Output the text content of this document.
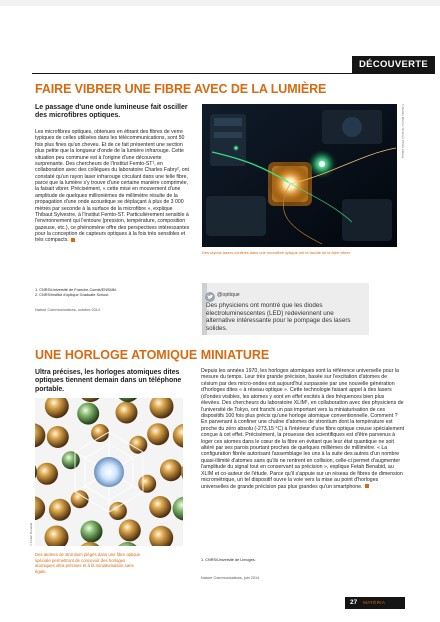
DÉCOUVERTE
FAIRE VIBRER UNE FIBRE AVEC DE LA LUMIÈRE

Le passage d'une onde lumineuse fait osciller des microfibres optiques.

Les microfibres optiques, obtenues en étirant des fibres de verre typiques de celles utilisées dans les télécommunications, sont 50 fois plus fines qu'un cheveu. Et de ce fait présentent une section plus petite que la longueur d'onde de la lumière infrarouge. Cette situation peu commune est à l'origine d'une découverte surprenante. Des chercheurs de l'Institut Femto-ST¹, en collaboration avec des collègues du laboratoire Charles Fabry², ont constaté qu'un rayon laser infrarouge circulant dans une telle fibre, parce que la lumière s'y trouve d'une certaine manière comprimée, la faisait vibrer. Précisément, « cette mise en mouvement d'une amplitude de quelques millionièmes de millimètre résulte de la propagation d'une onde acoustique se déplaçant à plus de 3 000 mètres par seconde à la surface de la microfibre », explique Thibaut Sylvestre, à l'Institut Femto-ST. Particulièrement sensible à l'environnement qui l'entoure (pression, température, composition gazeuse, etc.), ce phénomène offre des perspectives intéressantes pour la conception de capteurs optiques à la fois très sensibles et très compacts.

© Dustin Moore / Science Photo Library

Des rayons lasers confinés dans une microfibre optique ont la faculté de la faire vibrer.

1. CNRS/Université de Franche-Comté/ENSMM.
2. CNRS/Institut d'optique Graduate School.

Nature Communications, octobre 2014

@optique

Des physiciens ont montré que les diodes électroluminescentes (LED) redeviennent une alternative intéressante pour le pompage des lasers solides.

UNE HORLOGE ATOMIQUE MINIATURE

Ultra précises, les horloges atomiques dites optiques tiennent demain dans un téléphone portable.

© Fetah Benabid

Des atomes de strontium piégés dans une fibre optique spéciale permettront de concevoir des horloges atomiques ultra précises et à la miniaturisation sans égale.

Depuis les années 1970, les horloges atomiques sont la référence universelle pour la mesure du temps. Leur très grande précision, basée sur l'excitation d'atomes de césium par des micro-ondes est aujourd'hui surpassée par une nouvelle génération d'horloges dites « à réseau optique ». Cette technologie faisant appel à des lasers (d'ondes visibles, les atomes y sont en effet excités à des fréquences bien plus élevées. Des chercheurs du laboratoire XLIM¹, en collaboration avec des physiciens de l'université de Tokyo, ont franchi un pas important vers la miniaturisation de ces dispositifs 100 fois plus précis qu'une horloge atomique conventionnelle. Comment ? En parvenant à confiner une chaîne d'atomes de strontium dont la température est proche du zéro absolu (-273,15 °C) à l'intérieur d'une fibre optique creuse spécialement conçue à cet effet. Précisément, la prouesse des scientifiques est d'être parvenus à loger ces atomes dans le cœur de la fibre en évitant que leur état quantique ne soit altéré par ses parois pourtant proches de quelques millièmes de millimètre. « La configuration fibrée autorisant l'assemblage les uns à la suite des autres d'un nombre quasi-illimité d'atomes sans qu'ils ne rentrent en collision, celle-ci permet d'augmenter l'amplitude du signal tout en conservant sa précision », explique Fetah Benabid, au XLIM et co-auteur de l'étude. Parce qu'il s'appuie sur un réseau de fibres de dimension micrométrique, un tel dispositif ouvre la voie vers la mise au point d'horloges universelles de grande précision pas plus grandes qu'un smartphone.

1. CNRS/Université de Limoges.

Nature Communications, juin 2014

27 MATÉRIA
